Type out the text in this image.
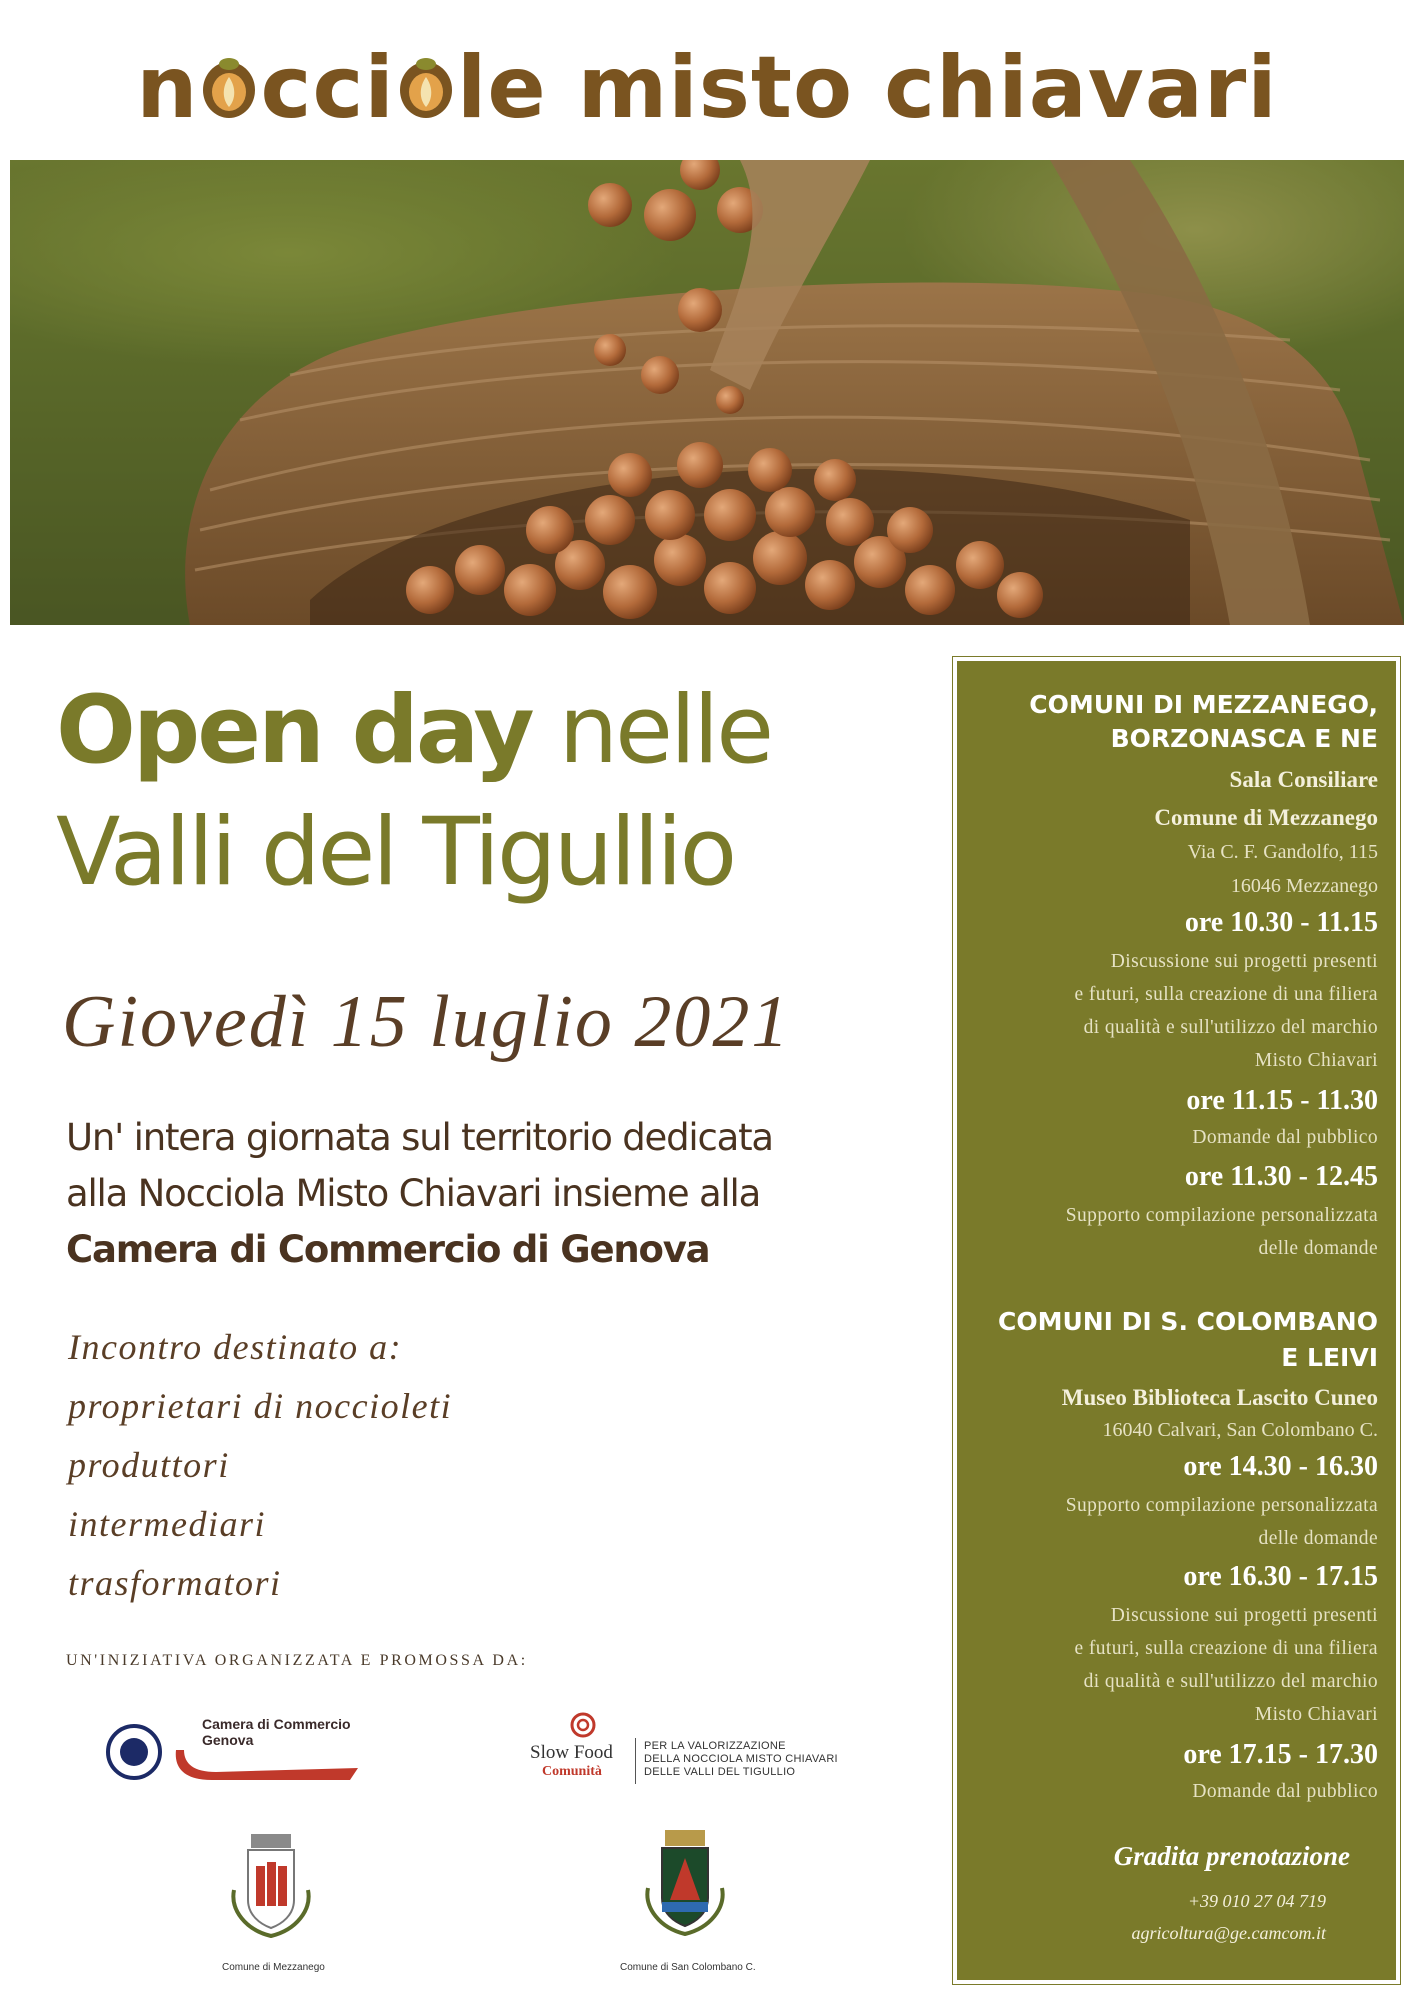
n cci le misto chiavari
Open day nelle
Valli del Tigullio
Giovedì 15 luglio 2021
Un' intera giornata sul territorio dedicata
alla Nocciola Misto Chiavari insieme alla
Camera di Commercio di Genova
Incontro destinato a:
proprietari di noccioleti
produttori
intermediari
trasformatori
UN'INIZIATIVA ORGANIZZATA E PROMOSSA DA:
Camera di Commercio
Genova
Slow Food
Comunità
PER LA VALORIZZAZIONE
DELLA NOCCIOLA MISTO CHIAVARI
DELLE VALLI DEL TIGULLIO
Comune di Mezzanego	Comune di San Colombano C.
COMUNI DI MEZZANEGO,
BORZONASCA E NE
Sala Consiliare
Comune di Mezzanego
Via C. F. Gandolfo, 115
16046 Mezzanego
ore 10.30 - 11.15
Discussione sui progetti presenti
e futuri, sulla creazione di una filiera
di qualità e sull'utilizzo del marchio
Misto Chiavari
ore 11.15 - 11.30
Domande dal pubblico
ore 11.30 - 12.45
Supporto compilazione personalizzata
delle domande
COMUNI DI S. COLOMBANO
E LEIVI
Museo Biblioteca Lascito Cuneo
16040 Calvari, San Colombano C.
ore 14.30 - 16.30
Supporto compilazione personalizzata
delle domande
ore 16.30 - 17.15
Discussione sui progetti presenti
e futuri, sulla creazione di una filiera
di qualità e sull'utilizzo del marchio
Misto Chiavari
ore 17.15 - 17.30
Domande dal pubblico
Gradita prenotazione
+39 010 27 04 719
agricoltura@ge.camcom.it
